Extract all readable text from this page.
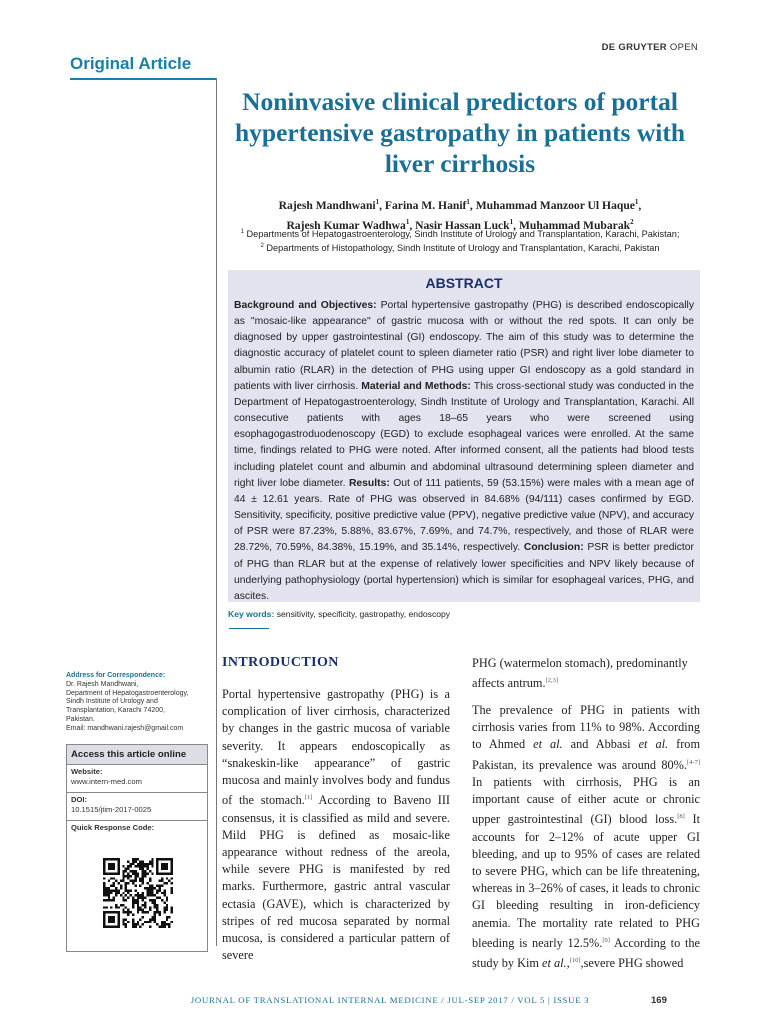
DE GRUYTER OPEN
Original Article
Noninvasive clinical predictors of portal hypertensive gastropathy in patients with liver cirrhosis
Rajesh Mandhwani$^1$, Farina M. Hanif$^1$, Muhammad Manzoor Ul Haque$^1$,
Rajesh Kumar Wadhwa$^1$, Nasir Hassan Luck$^1$, Muhammad Mubarak$^2$
$^1$ Departments of Hepatogastroenterology, Sindh Institute of Urology and Transplantation, Karachi, Pakistan;
$^2$ Departments of Histopathology, Sindh Institute of Urology and Transplantation, Karachi, Pakistan
ABSTRACT
Background and Objectives: Portal hypertensive gastropathy (PHG) is described endoscopically as "mosaic-like appearance" of gastric mucosa with or without the red spots. It can only be diagnosed by upper gastrointestinal (GI) endoscopy. The aim of this study was to determine the diagnostic accuracy of platelet count to spleen diameter ratio (PSR) and right liver lobe diameter to albumin ratio (RLAR) in the detection of PHG using upper GI endoscopy as a gold standard in patients with liver cirrhosis. Material and Methods: This cross-sectional study was conducted in the Department of Hepatogastroenterology, Sindh Institute of Urology and Transplantation, Karachi. All consecutive patients with ages 18–65 years who were screened using esophagogastroduodenoscopy (EGD) to exclude esophageal varices were enrolled. At the same time, findings related to PHG were noted. After informed consent, all the patients had blood tests including platelet count and albumin and abdominal ultrasound determining spleen diameter and right liver lobe diameter. Results: Out of 111 patients, 59 (53.15%) were males with a mean age of 44 ± 12.61 years. Rate of PHG was observed in 84.68% (94/111) cases confirmed by EGD. Sensitivity, specificity, positive predictive value (PPV), negative predictive value (NPV), and accuracy of PSR were 87.23%, 5.88%, 83.67%, 7.69%, and 74.7%, respectively, and those of RLAR were 28.72%, 70.59%, 84.38%, 15.19%, and 35.14%, respectively. Conclusion: PSR is better predictor of PHG than RLAR but at the expense of relatively lower specificities and NPV likely because of underlying pathophysiology (portal hypertension) which is similar for esophageal varices, PHG, and ascites.
Key words: sensitivity, specificity, gastropathy, endoscopy
INTRODUCTION
Portal hypertensive gastropathy (PHG) is a complication of liver cirrhosis, characterized by changes in the gastric mucosa of variable severity. It appears endoscopically as “snakeskin-like appearance” of gastric mucosa and mainly involves body and fundus of the stomach.[1] According to Baveno III consensus, it is classified as mild and severe. Mild PHG is defined as mosaic-like appearance without redness of the areola, while severe PHG is manifested by red marks. Furthermore, gastric antral vascular ectasia (GAVE), which is characterized by stripes of red mucosa separated by normal mucosa, is considered a particular pattern of severe
PHG (watermelon stomach), predominantly affects antrum.[2,3]
The prevalence of PHG in patients with cirrhosis varies from 11% to 98%. According to Ahmed et al. and Abbasi et al. from Pakistan, its prevalence was around 80%.[4-7] In patients with cirrhosis, PHG is an important cause of either acute or chronic upper gastrointestinal (GI) blood loss.[8] It accounts for 2–12% of acute upper GI bleeding, and up to 95% of cases are related to severe PHG, which can be life threatening, whereas in 3–26% of cases, it leads to chronic GI bleeding resulting in iron-deficiency anemia. The mortality rate related to PHG bleeding is nearly 12.5%.[9] According to the study by Kim et al.,[10],severe PHG showed
Address for Correspondence:
Dr. Rajesh Mandhwani,
Department of Hepatogastroenterology,
Sindh Institute of Urology and
Transplantation, Karachi 74200,
Pakistan.
Email: mandhwani.rajesh@gmail.com
Access this article online
Website:
www.intern-med.com
DOI:
10.1515/jtim-2017-0025
Quick Response Code:
JOURNAL OF TRANSLATIONAL INTERNAL MEDICINE / JUL-SEP 2017 / VOL 5 | ISSUE 3	169
